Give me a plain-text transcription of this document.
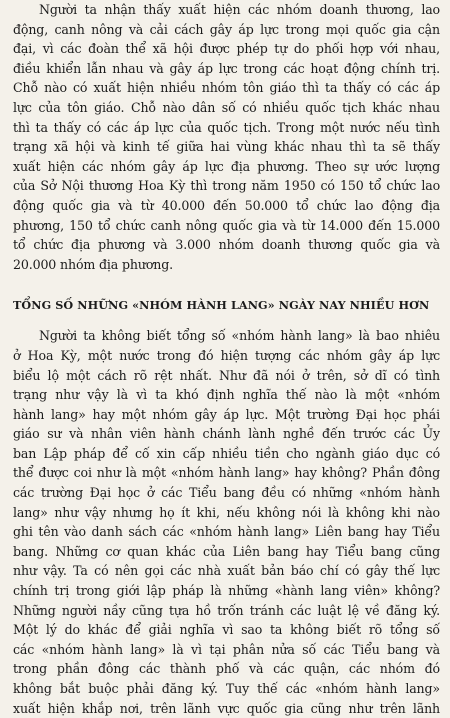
Người ta nhận thấy xuất hiện các nhóm doanh thương, lao
động, canh nông và cải cách gây áp lực trong mọi quốc gia cận
đại, vì các đoàn thể xã hội được phép tự do phối hợp với nhau,
điều khiển lẫn nhau và gây áp lực trong các hoạt động chính trị.
Chỗ nào có xuất hiện nhiều nhóm tôn giáo thì ta thấy có các áp
lực của tôn giáo. Chỗ nào dân số có nhiều quốc tịch khác nhau
thì ta thấy có các áp lực của quốc tịch. Trong một nước nếu tình
trạng xã hội và kinh tế giữa hai vùng khác nhau thì ta sẽ thấy
xuất hiện các nhóm gây áp lực địa phương. Theo sự ước lượng
của Sở Nội thương Hoa Kỳ thì trong năm 1950 có 150 tổ chức lao
động quốc gia và từ 40.000 đến 50.000 tổ chức lao động địa
phương, 150 tổ chức canh nông quốc gia và từ 14.000 đến 15.000
tổ chức địa phương và 3.000 nhóm doanh thương quốc gia và
20.000 nhóm địa phương.
TỔNG SỐ NHỮNG «NHÓM HÀNH LANG» NGÀY NAY NHIỀU HƠN
Người ta không biết tổng số «nhóm hành lang» là bao nhiêu
ở Hoa Kỳ, một nước trong đó hiện tượng các nhóm gây áp lực
biểu lộ một cách rõ rệt nhất. Như đã nói ở trên, sở dĩ có tình
trạng như vậy là vì ta khó định nghĩa thế nào là một «nhóm
hành lang» hay một nhóm gây áp lực. Một trường Đại học phái
giáo sư và nhân viên hành chánh lành nghề đến trước các Ủy
ban Lập pháp để cố xin cấp nhiều tiền cho ngành giáo dục có
thể được coi như là một «nhóm hành lang» hay không? Phần đông
các trường Đại học ở các Tiểu bang đều có những «nhóm hành
lang» như vậy nhưng họ ít khi, nếu không nói là không khi nào
ghi tên vào danh sách các «nhóm hành lang» Liên bang hay Tiểu
bang. Những cơ quan khác của Liên bang hay Tiểu bang cũng
như vậy. Ta có nên gọi các nhà xuất bản báo chí có gây thế lực
chính trị trong giới lập pháp là những «hành lang viên» không?
Những người nầy cũng tựa hồ trốn tránh các luật lệ về đăng ký.
Một lý do khác để giải nghĩa vì sao ta không biết rõ tổng số
các «nhóm hành lang» là vì tại phân nửa số các Tiểu bang và
trong phần đông các thành phố và các quận, các nhóm đó
không bắt buộc phải đăng ký. Tuy thế các «nhóm hành lang»
xuất hiện khắp nơi, trên lãnh vực quốc gia cũng như trên lãnh
